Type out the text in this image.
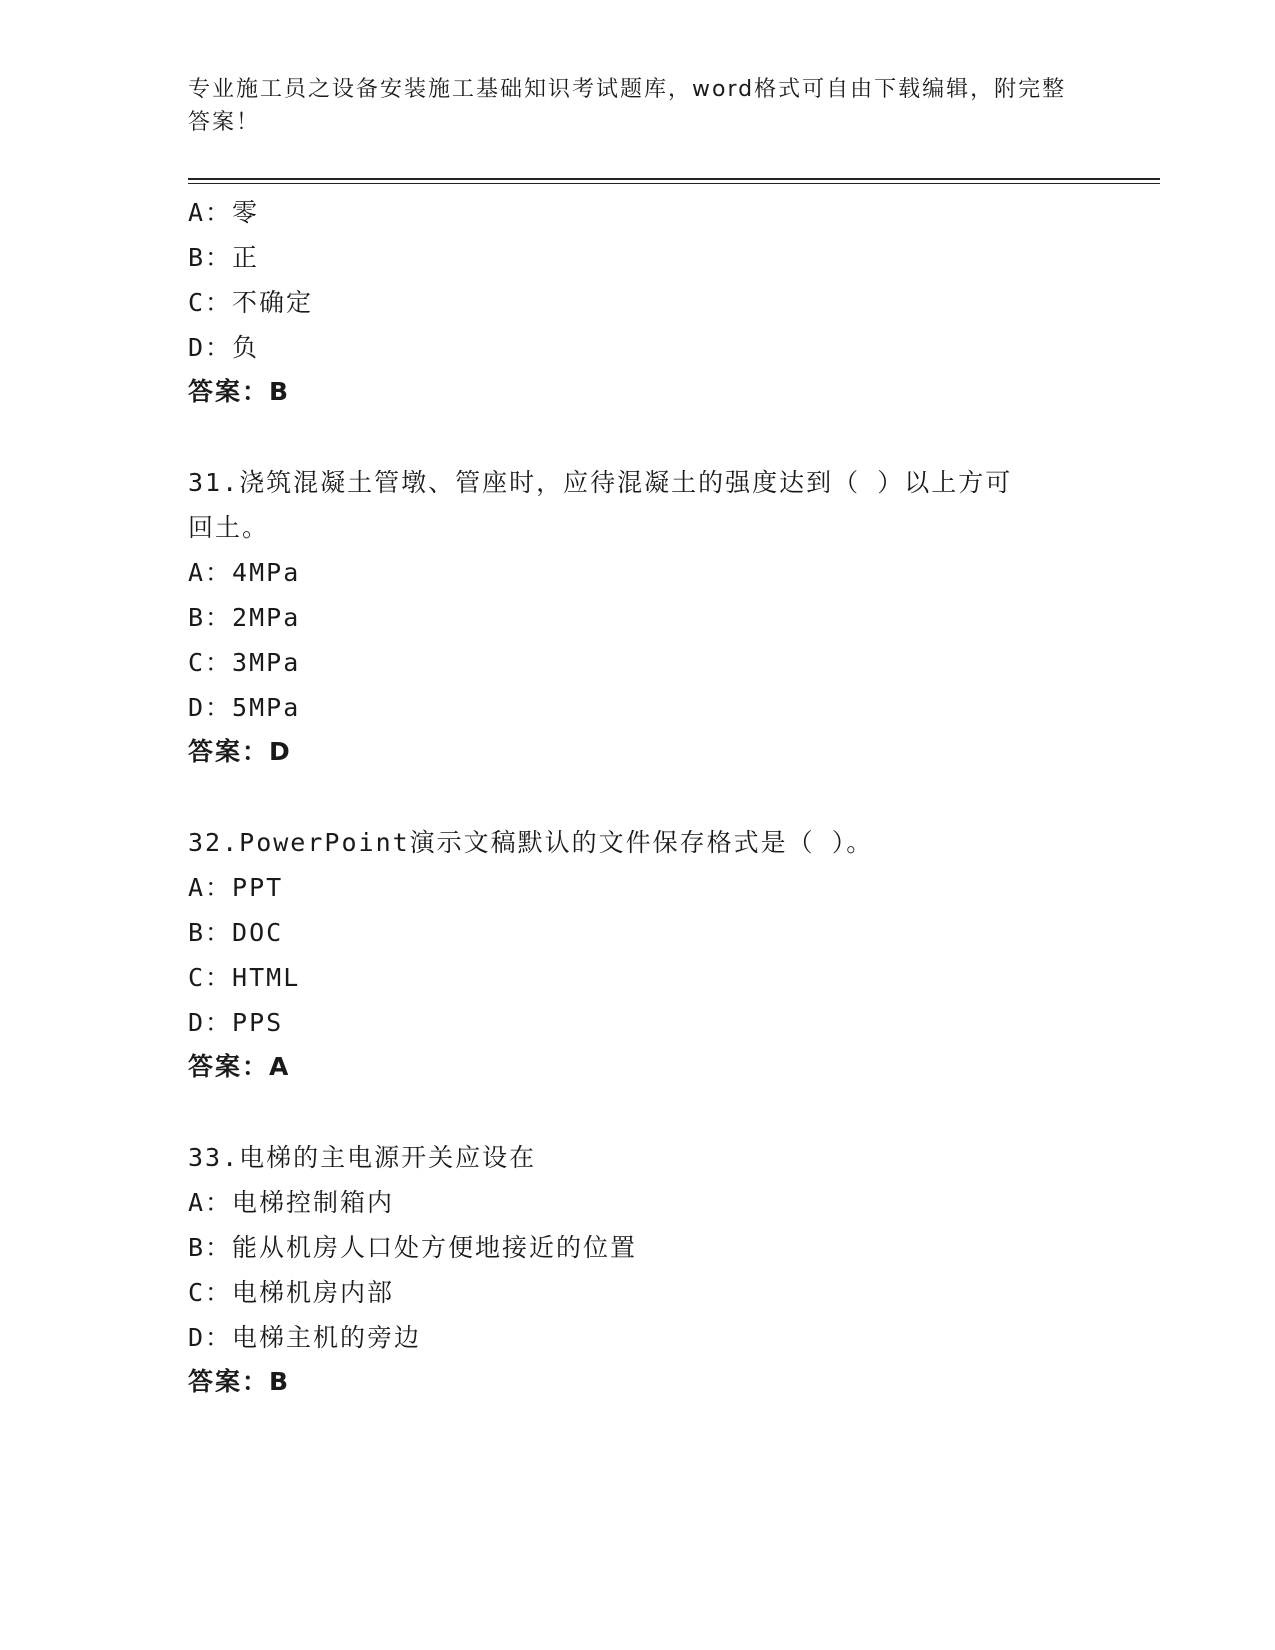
专业施工员之设备安装施工基础知识考试题库，word格式可自由下载编辑，附完整答案！
A：零
B：正
C：不确定
D：负
答案：B
31.浇筑混凝土管墩、管座时，应待混凝土的强度达到（ ）以上方可
回土。
A：4MPa
B：2MPa
C：3MPa
D：5MPa
答案：D
32.PowerPoint演示文稿默认的文件保存格式是（ ）。
A：PPT
B：DOC
C：HTML
D：PPS
答案：A
33.电梯的主电源开关应设在
A：电梯控制箱内
B：能从机房人口处方便地接近的位置
C：电梯机房内部
D：电梯主机的旁边
答案：B
